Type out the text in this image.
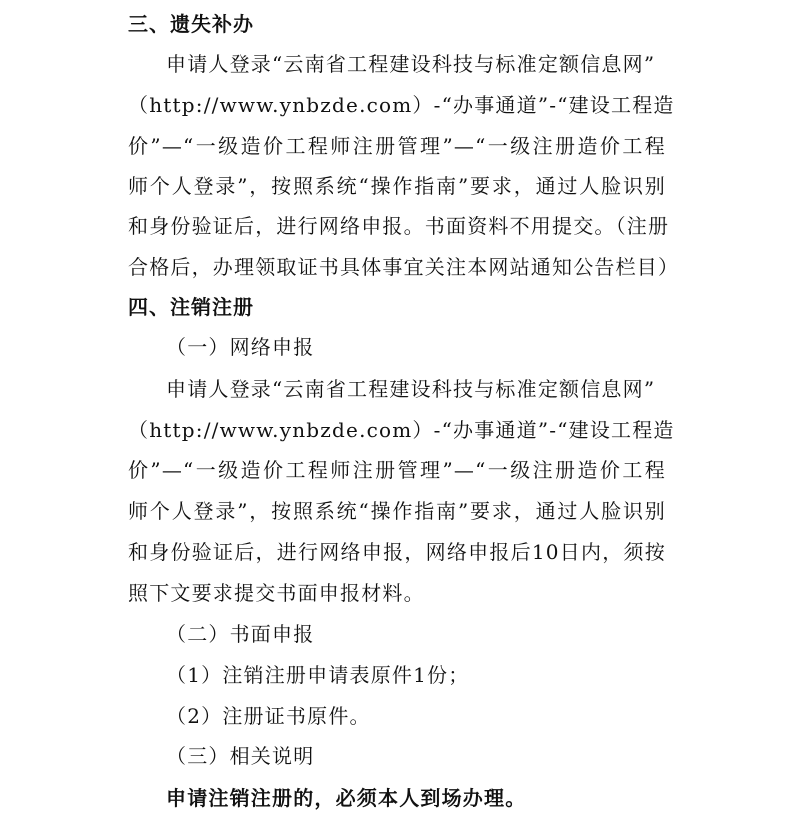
三、遗失补办
申请人登录“云南省工程建设科技与标准定额信息网”
（http://www.ynbzde.com）-“办事通道”-“建设工程造
价”—“一级造价工程师注册管理”—“一级注册造价工程
师个人登录”，按照系统“操作指南”要求，通过人脸识别
和身份验证后，进行网络申报。书面资料不用提交。（注册
合格后，办理领取证书具体事宜关注本网站通知公告栏目）
四、注销注册
（一）网络申报
申请人登录“云南省工程建设科技与标准定额信息网”
（http://www.ynbzde.com）-“办事通道”-“建设工程造
价”—“一级造价工程师注册管理”—“一级注册造价工程
师个人登录”，按照系统“操作指南”要求，通过人脸识别
和身份验证后，进行网络申报，网络申报后10日内，须按
照下文要求提交书面申报材料。
（二）书面申报
（1）注销注册申请表原件1份；
（2）注册证书原件。
（三）相关说明
申请注销注册的，必须本人到场办理。
